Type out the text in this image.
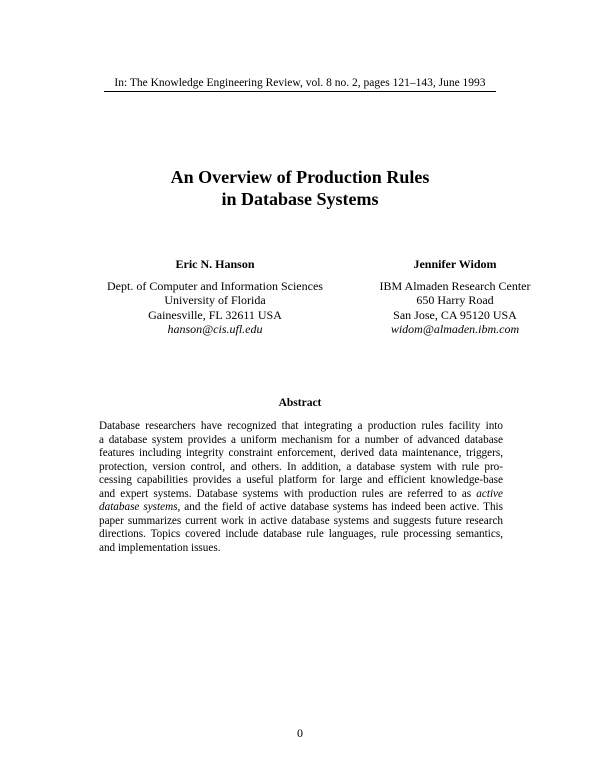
In: The Knowledge Engineering Review, vol. 8 no. 2, pages 121–143, June 1993
An Overview of Production Rules
in Database Systems
Eric N. Hanson
Dept. of Computer and Information Sciences
University of Florida
Gainesville, FL 32611 USA
hanson@cis.ufl.edu
Jennifer Widom
IBM Almaden Research Center
650 Harry Road
San Jose, CA 95120 USA
widom@almaden.ibm.com
Abstract
Database researchers have recognized that integrating a production rules facility into
a database system provides a uniform mechanism for a number of advanced database
features including integrity constraint enforcement, derived data maintenance, triggers,
protection, version control, and others. In addition, a database system with rule pro-
cessing capabilities provides a useful platform for large and efficient knowledge-base
and expert systems. Database systems with production rules are referred to as active
database systems, and the field of active database systems has indeed been active. This
paper summarizes current work in active database systems and suggests future research
directions. Topics covered include database rule languages, rule processing semantics,
and implementation issues.
0
